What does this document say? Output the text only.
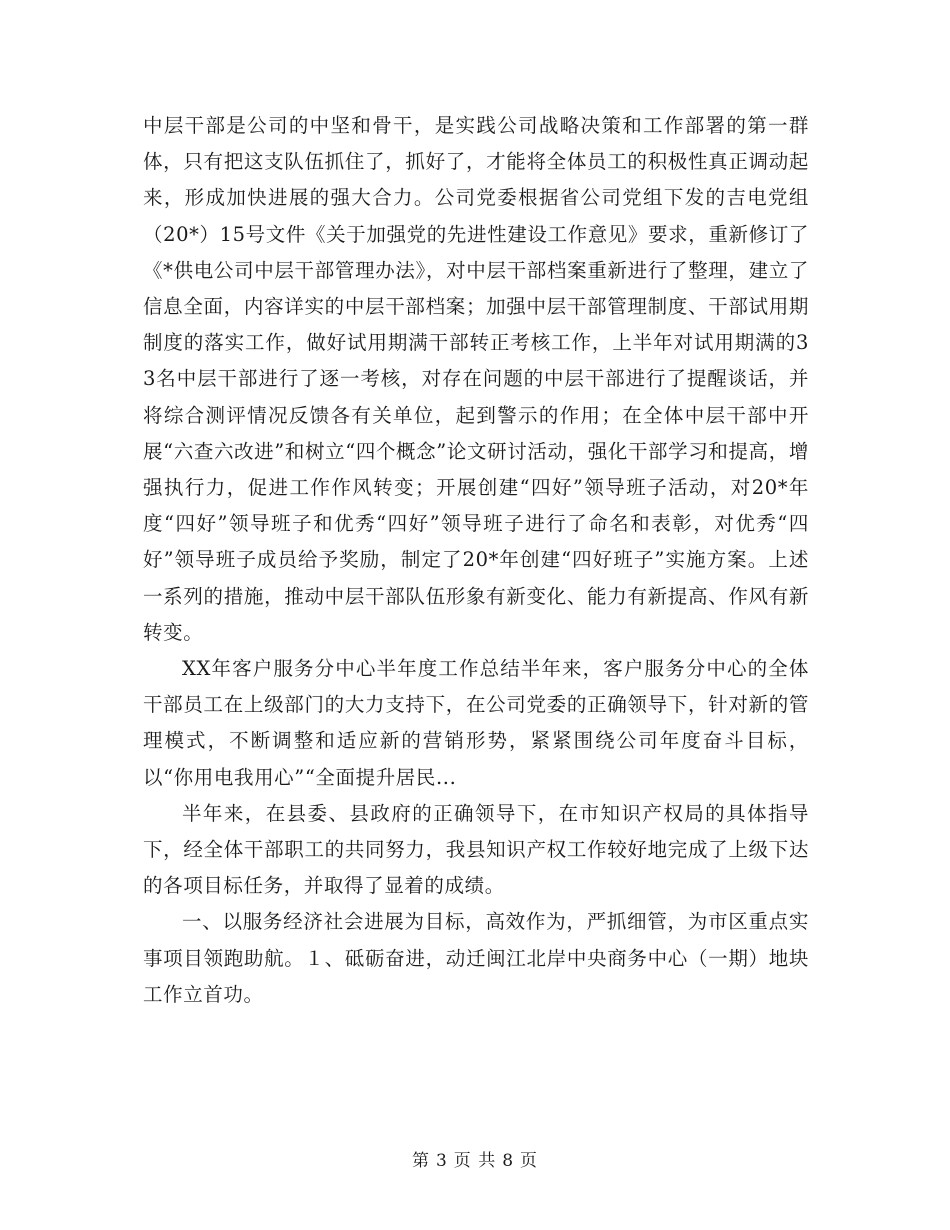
中层干部是公司的中坚和骨干，是实践公司战略决策和工作部署的第一群体，只有把这支队伍抓住了，抓好了，才能将全体员工的积极性真正调动起来，形成加快进展的强大合力。公司党委根据省公司党组下发的吉电党组（20*）15号文件《关于加强党的先进性建设工作意见》要求，重新修订了《*供电公司中层干部管理办法》，对中层干部档案重新进行了整理，建立了信息全面，内容详实的中层干部档案；加强中层干部管理制度、干部试用期制度的落实工作，做好试用期满干部转正考核工作，上半年对试用期满的33名中层干部进行了逐一考核，对存在问题的中层干部进行了提醒谈话，并将综合测评情况反馈各有关单位，起到警示的作用；在全体中层干部中开展“六查六改进”和树立“四个概念”论文研讨活动，强化干部学习和提高，增强执行力，促进工作作风转变；开展创建“四好”领导班子活动，对20*年度“四好”领导班子和优秀“四好”领导班子进行了命名和表彰，对优秀“四好”领导班子成员给予奖励，制定了20*年创建“四好班子”实施方案。上述一系列的措施，推动中层干部队伍形象有新变化、能力有新提高、作风有新转变。

XX年客户服务分中心半年度工作总结半年来，客户服务分中心的全体干部员工在上级部门的大力支持下，在公司党委的正确领导下，针对新的管理模式，不断调整和适应新的营销形势，紧紧围绕公司年度奋斗目标，以“你用电我用心”“全面提升居民...

半年来，在县委、县政府的正确领导下，在市知识产权局的具体指导下，经全体干部职工的共同努力，我县知识产权工作较好地完成了上级下达的各项目标任务，并取得了显着的成绩。

一、以服务经济社会进展为目标，高效作为，严抓细管，为市区重点实事项目领跑助航。１、砥砺奋进，动迁闽江北岸中央商务中心（一期）地块工作立首功。

第 3 页 共 8 页
